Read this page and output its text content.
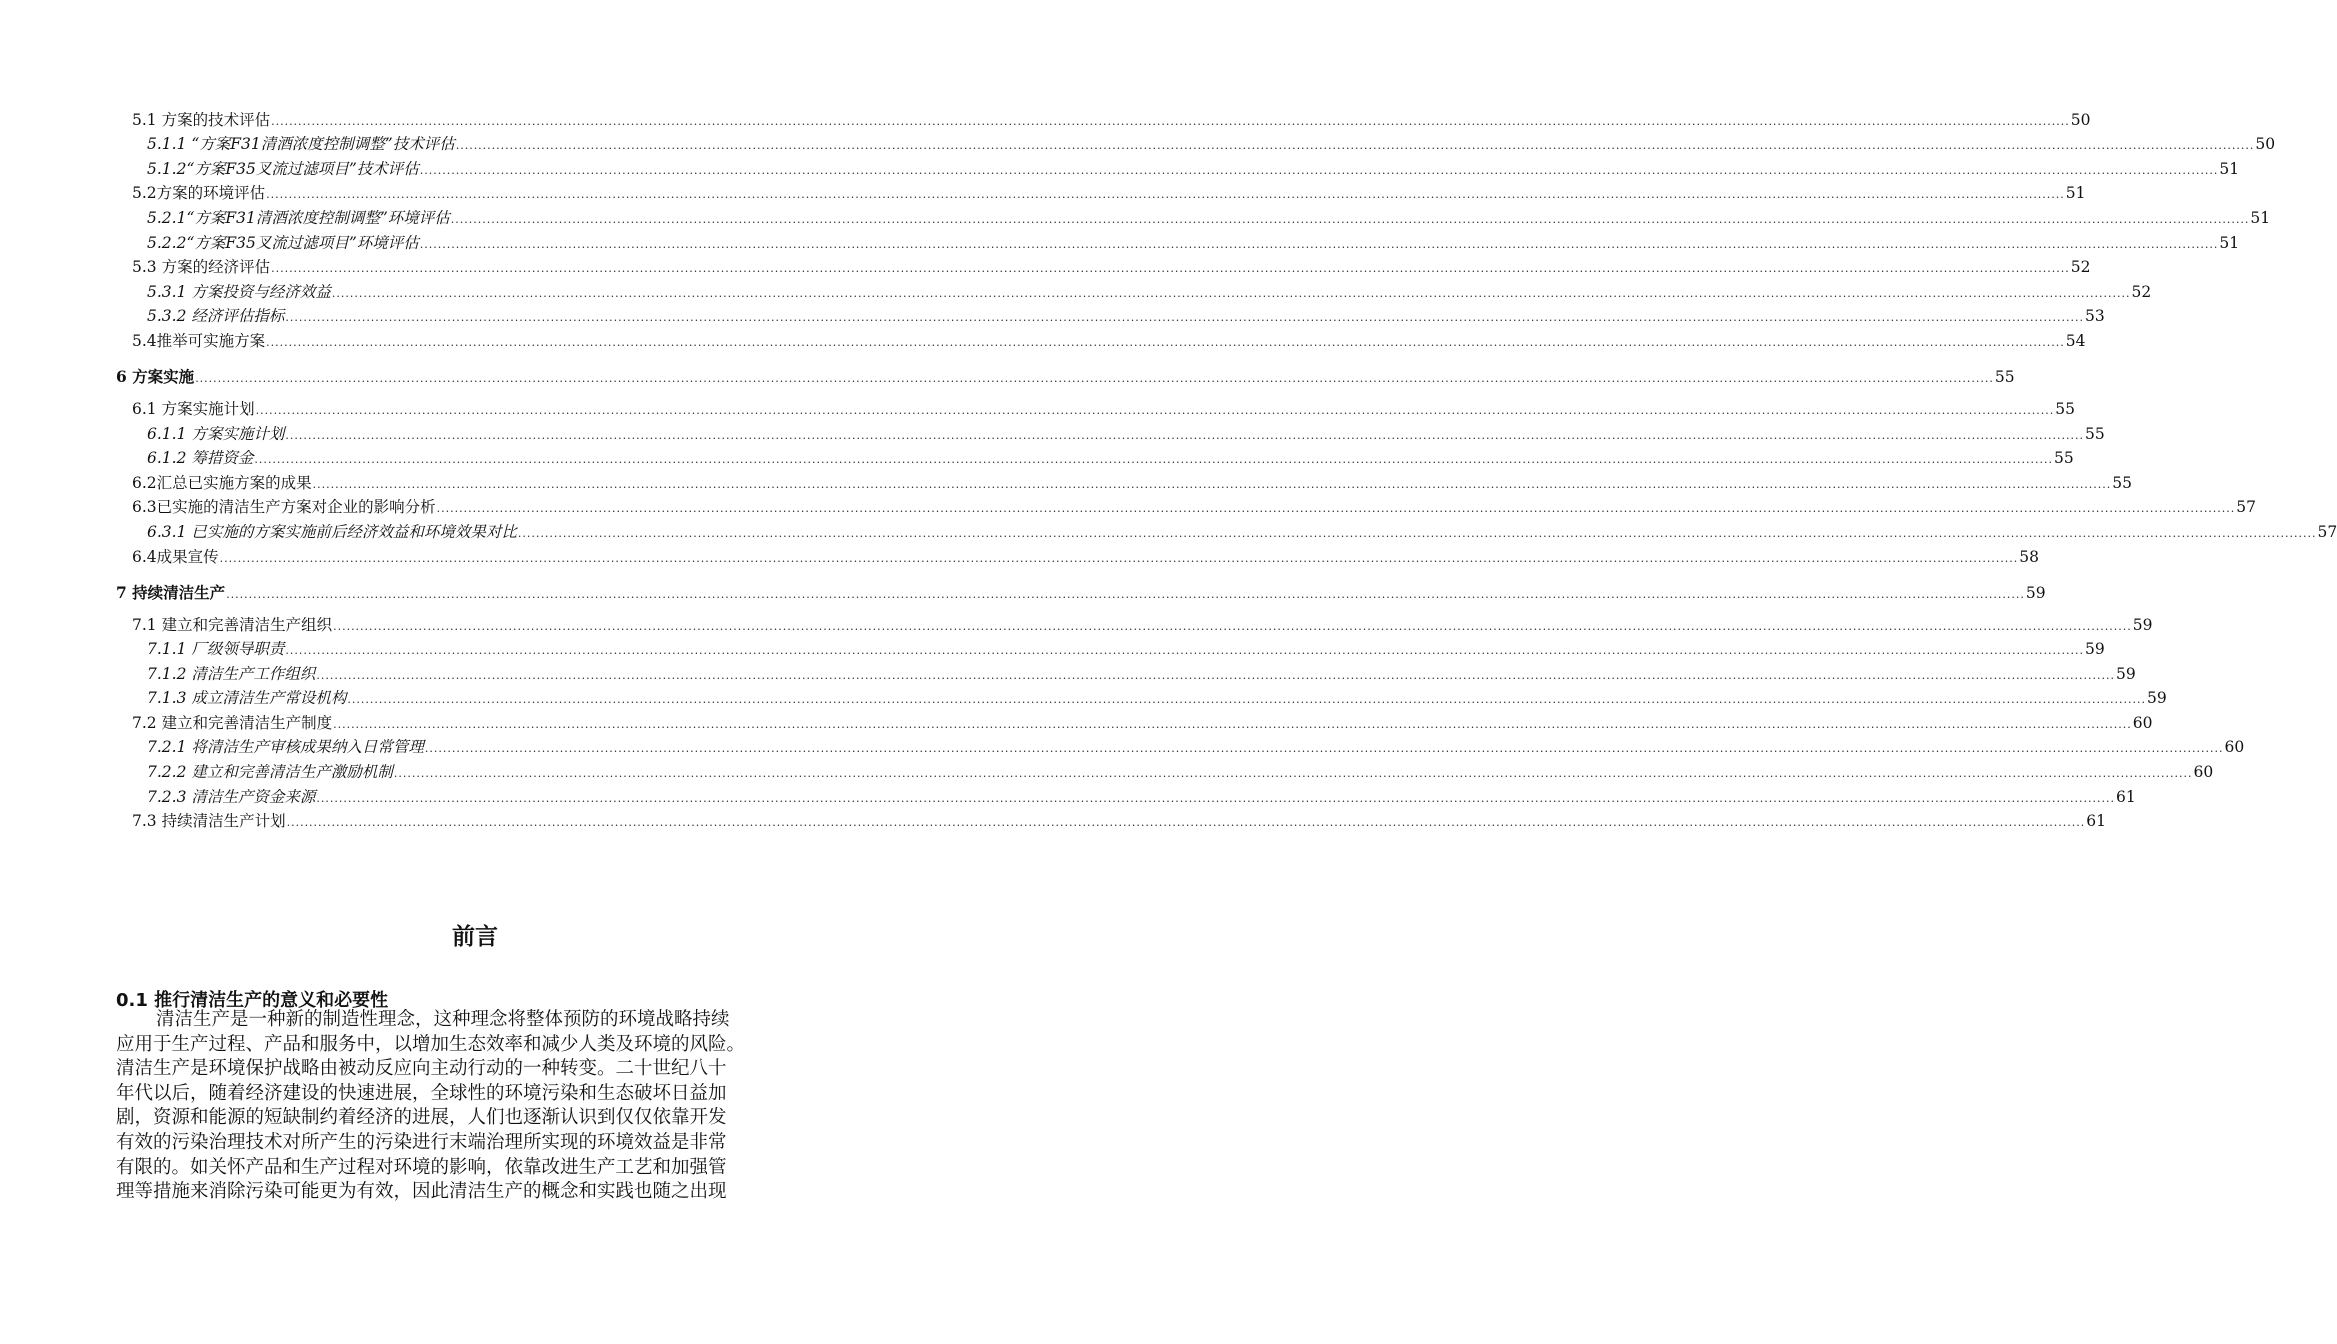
5.1 方案的技术评估 ................................................................................................................................................................................................................................................................................................................................................................................................................ 50
5.1.1 “方案F31清酒浓度控制调整”技术评估 ................................................................................................................................................................................................................................................................................................................................................................................................................ 50
5.1.2“方案F35叉流过滤项目”技术评估 ................................................................................................................................................................................................................................................................................................................................................................................................................ 51
5.2方案的环境评估 ................................................................................................................................................................................................................................................................................................................................................................................................................ 51
5.2.1“方案F31清酒浓度控制调整”环境评估 ................................................................................................................................................................................................................................................................................................................................................................................................................ 51
5.2.2“方案F35叉流过滤项目”环境评估 ................................................................................................................................................................................................................................................................................................................................................................................................................ 51
5.3 方案的经济评估 ................................................................................................................................................................................................................................................................................................................................................................................................................ 52
5.3.1 方案投资与经济效益 ................................................................................................................................................................................................................................................................................................................................................................................................................ 52
5.3.2 经济评估指标 ................................................................................................................................................................................................................................................................................................................................................................................................................ 53
5.4推举可实施方案 ................................................................................................................................................................................................................................................................................................................................................................................................................ 54
6 方案实施 ................................................................................................................................................................................................................................................................................................................................................................................................................ 55
6.1 方案实施计划 ................................................................................................................................................................................................................................................................................................................................................................................................................ 55
6.1.1 方案实施计划 ................................................................................................................................................................................................................................................................................................................................................................................................................ 55
6.1.2 筹措资金 ................................................................................................................................................................................................................................................................................................................................................................................................................ 55
6.2汇总已实施方案的成果 ................................................................................................................................................................................................................................................................................................................................................................................................................ 55
6.3已实施的清洁生产方案对企业的影响分析 ................................................................................................................................................................................................................................................................................................................................................................................................................ 57
6.3.1 已实施的方案实施前后经济效益和环境效果对比 ................................................................................................................................................................................................................................................................................................................................................................................................................ 57
6.4成果宣传 ................................................................................................................................................................................................................................................................................................................................................................................................................ 58
7 持续清洁生产 ................................................................................................................................................................................................................................................................................................................................................................................................................ 59
7.1 建立和完善清洁生产组织 ................................................................................................................................................................................................................................................................................................................................................................................................................ 59
7.1.1 厂级领导职责 ................................................................................................................................................................................................................................................................................................................................................................................................................ 59
7.1.2 清洁生产工作组织 ................................................................................................................................................................................................................................................................................................................................................................................................................ 59
7.1.3 成立清洁生产常设机构 ................................................................................................................................................................................................................................................................................................................................................................................................................ 59
7.2 建立和完善清洁生产制度 ................................................................................................................................................................................................................................................................................................................................................................................................................ 60
7.2.1 将清洁生产审核成果纳入日常管理 ................................................................................................................................................................................................................................................................................................................................................................................................................ 60
7.2.2 建立和完善清洁生产激励机制 ................................................................................................................................................................................................................................................................................................................................................................................................................ 60
7.2.3 清洁生产资金来源 ................................................................................................................................................................................................................................................................................................................................................................................................................ 61
7.3 持续清洁生产计划 ................................................................................................................................................................................................................................................................................................................................................................................................................ 61
前言
0.1 推行清洁生产的意义和必要性
清洁生产是一种新的制造性理念，这种理念将整体预防的环境战略持续
应用于生产过程、产品和服务中，以增加生态效率和减少人类及环境的风险。
清洁生产是环境保护战略由被动反应向主动行动的一种转变。二十世纪八十
年代以后，随着经济建设的快速进展，全球性的环境污染和生态破坏日益加
剧，资源和能源的短缺制约着经济的进展，人们也逐渐认识到仅仅依靠开发
有效的污染治理技术对所产生的污染进行末端治理所实现的环境效益是非常
有限的。如关怀产品和生产过程对环境的影响，依靠改进生产工艺和加强管
理等措施来消除污染可能更为有效，因此清洁生产的概念和实践也随之出现
